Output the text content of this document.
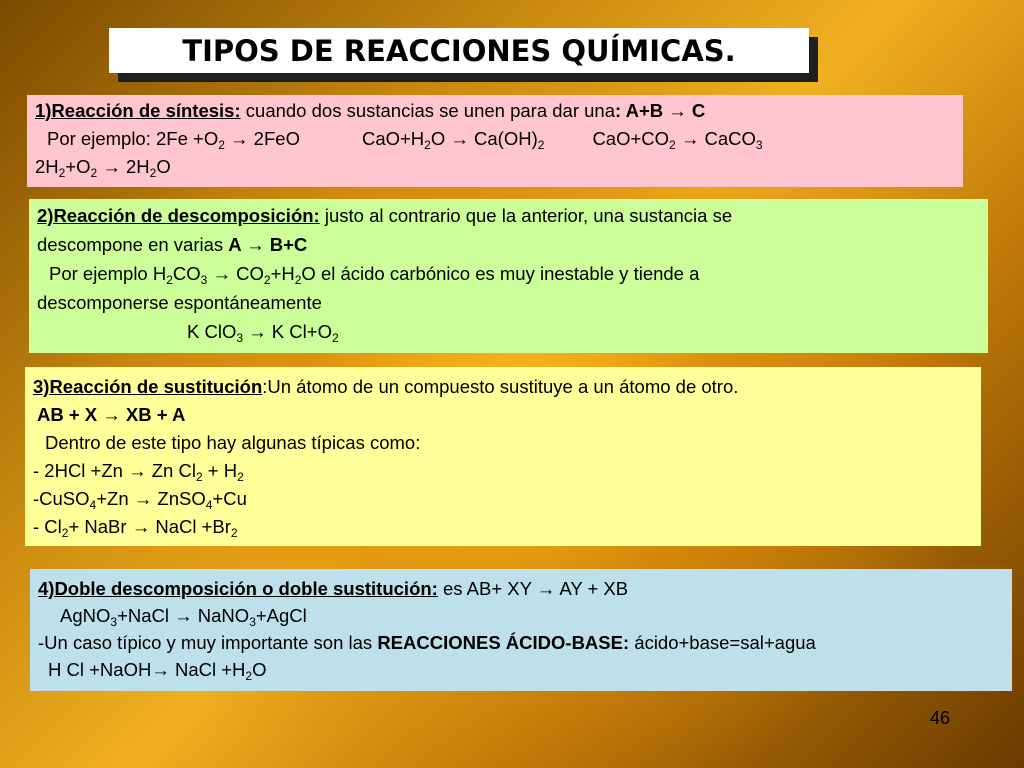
TIPOS DE REACCIONES QUÍMICAS.
1)Reacción de síntesis: cuando dos sustancias se unen para dar una: A+B → C
Por ejemplo: $2Fe +O_2 \to 2FeO$	$CaO+H_2O \to Ca(OH)_2$	$CaO+CO_2$ → CaCO$_3$
$2H_2+O_2 \to 2H_2O$
2)Reacción de descomposición: justo al contrario que la anterior, una sustancia se
descompone en varias A → B+C
Por ejemplo $H_2CO_3 \to CO_2+H_2O$ el ácido carbónico es muy inestable y tiende a
descomponerse espontáneamente
K ClO$_3$ → K $Cl+O_2$
3)Reacción de sustitución:Un átomo de un compuesto sustituye a un átomo de otro.
AB + X → XB + A
Dentro de este tipo hay algunas típicas como:
- 2HCl +Zn → Zn $Cl_2 + H_2$
-CuSO$_4$+Zn → ZnSO$_4$+Cu
- $Cl_2+$ NaBr → NaCl $+Br_2$
4)Doble descomposición o doble sustitución: es AB+ XY → AY + XB
AgNO$_3$+NaCl → NaNO$_3$+AgCl
-Un caso típico y muy importante son las REACCIONES ÁCIDO-BASE: ácido+base=sal+agua
H Cl +NaOH→ NaCl $+H_2O$
46
